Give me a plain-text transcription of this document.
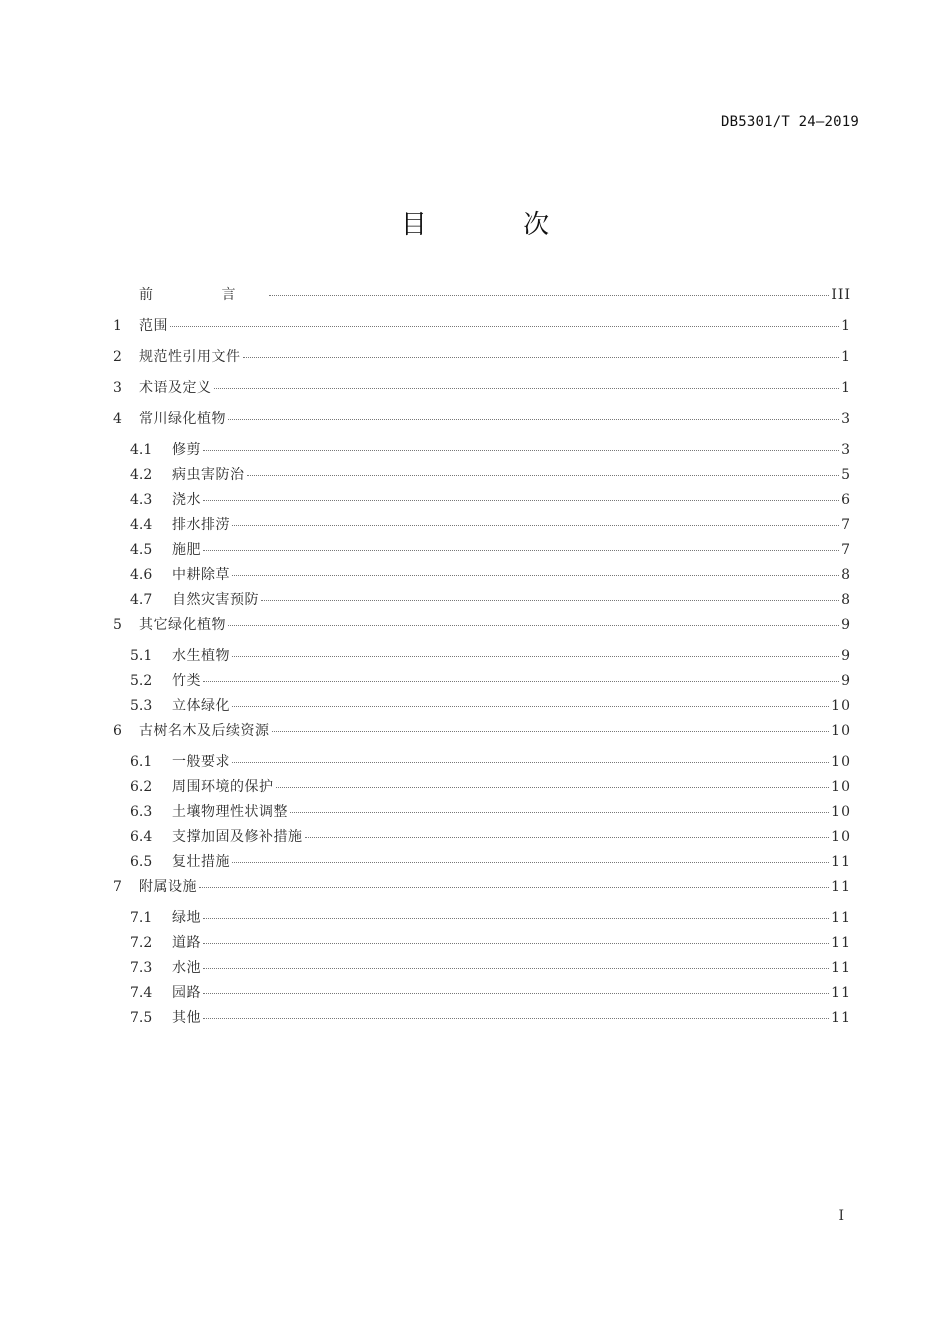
DB5301/T 24—2019
目 次
前 言	III
1	范围	1
2	规范性引用文件	1
3	术语及定义	1
4	常川绿化植物	3
4.1	修剪	3
4.2	病虫害防治	5
4.3	浇水	6
4.4	排水排涝	7
4.5	施肥	7
4.6	中耕除草	8
4.7	自然灾害预防	8
5	其它绿化植物	9
5.1	水生植物	9
5.2	竹类	9
5.3	立体绿化	10
6	古树名木及后续资源	10
6.1	一般要求	10
6.2	周围环境的保护	10
6.3	土壤物理性状调整	10
6.4	支撑加固及修补措施	10
6.5	复壮措施	11
7	附属设施	11
7.1	绿地	11
7.2	道路	11
7.3	水池	11
7.4	园路	11
7.5	其他	11
I
